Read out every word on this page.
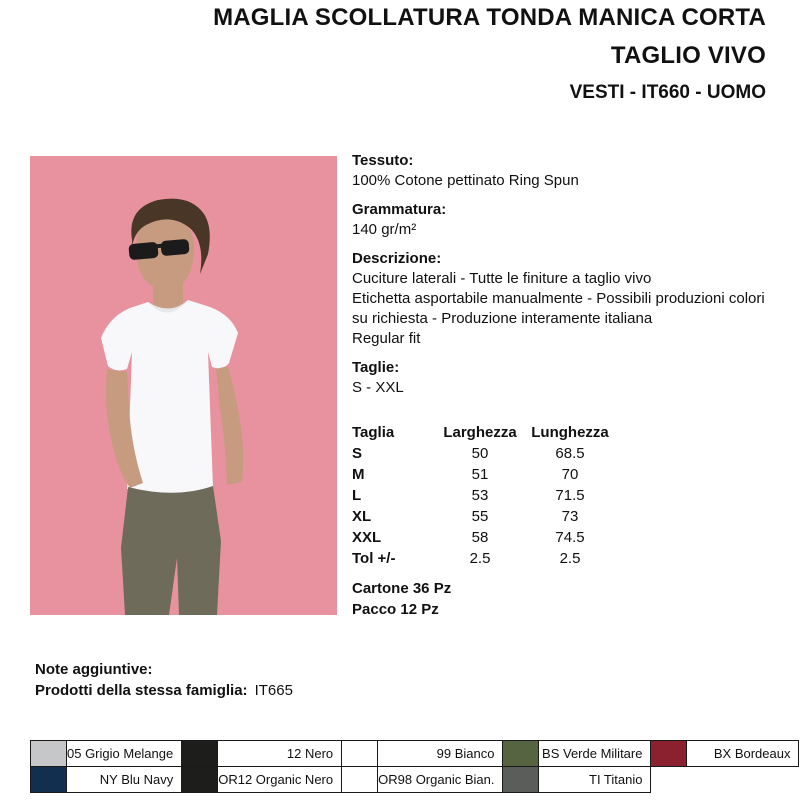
MAGLIA SCOLLATURA TONDA MANICA CORTA
TAGLIO VIVO
VESTI - IT660 - UOMO
Tessuto:
100% Cotone pettinato Ring Spun
Grammatura:
140 gr/m²
Descrizione:
Cuciture laterali - Tutte le finiture a taglio vivo
Etichetta asportabile manualmente - Possibili produzioni colori
su richiesta - Produzione interamente italiana
Regular fit
Taglie:
S - XXL
Taglia	Larghezza Lunghezza
S	50	68.5
M	51	70
L	53	71.5
XL	55	73
XXL	58	74.5
Tol +/-	2.5	2.5
Cartone 36 Pz
Pacco 12 Pz
Note aggiuntive:
Prodotti della stessa famiglia: IT665
	05 Grigio Melange		12 Nero		99 Bianco		BS Verde Militare		BX Bordeaux
	NY Blu Navy		OR12 Organic Nero		OR98 Organic Bian.		TI Titanio		
